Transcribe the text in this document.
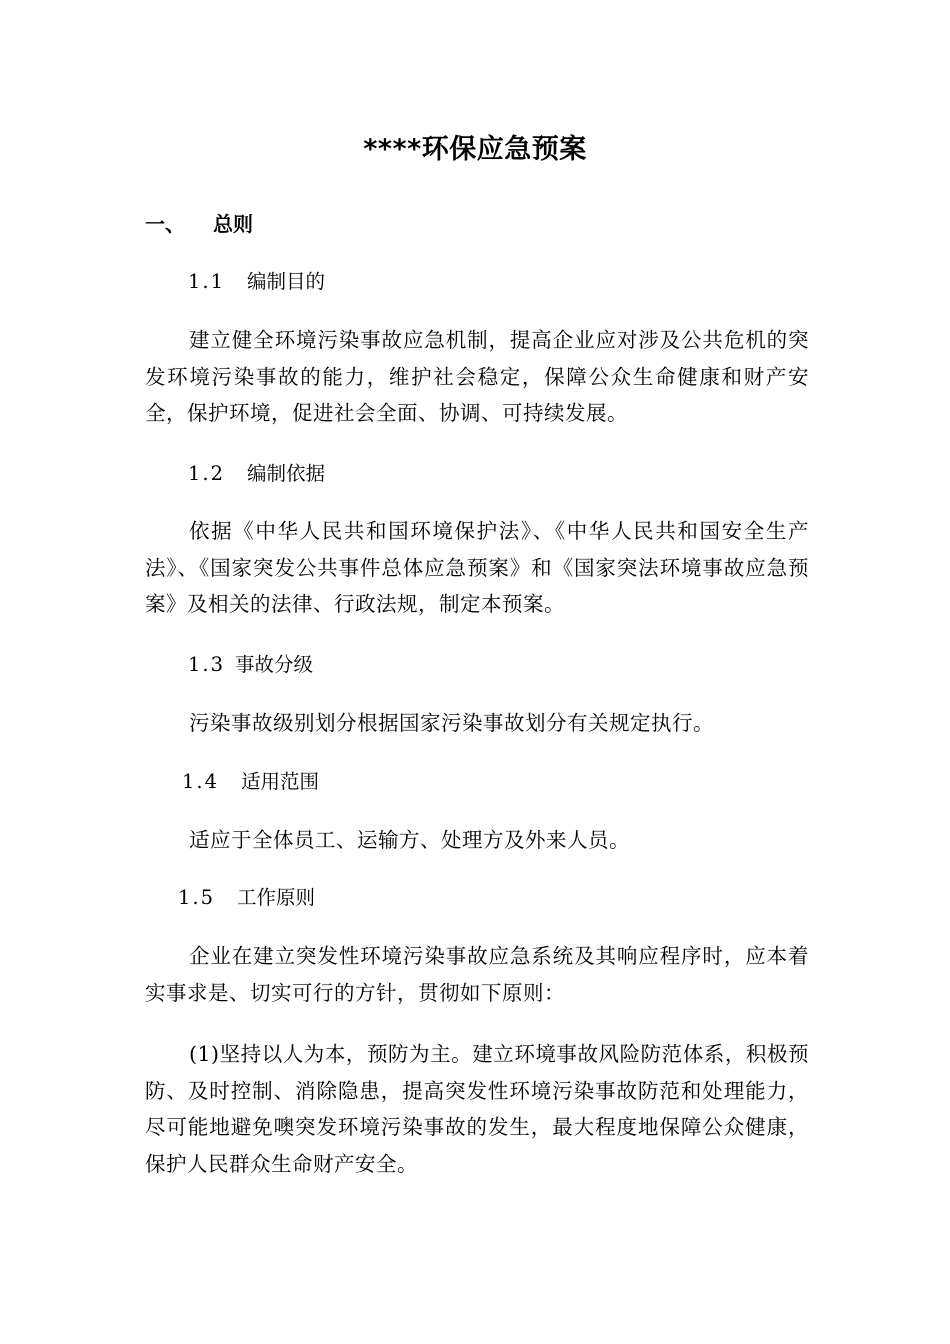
****环保应急预案
一、 总则
1.1 编制目的
建立健全环境污染事故应急机制，提高企业应对涉及公共危机的突发环境污染事故的能力，维护社会稳定，保障公众生命健康和财产安全，保护环境，促进社会全面、协调、可持续发展。
1.2 编制依据
依据《中华人民共和国环境保护法》、《中华人民共和国安全生产法》、《国家突发公共事件总体应急预案》和《国家突法环境事故应急预案》及相关的法律、行政法规，制定本预案。
1.3 事故分级
污染事故级别划分根据国家污染事故划分有关规定执行。
1.4 适用范围
适应于全体员工、运输方、处理方及外来人员。
1.5 工作原则
企业在建立突发性环境污染事故应急系统及其响应程序时，应本着实事求是、切实可行的方针，贯彻如下原则：
(1)坚持以人为本，预防为主。建立环境事故风险防范体系，积极预防、及时控制、消除隐患，提高突发性环境污染事故防范和处理能力，尽可能地避免噢突发环境污染事故的发生，最大程度地保障公众健康，保护人民群众生命财产安全。
